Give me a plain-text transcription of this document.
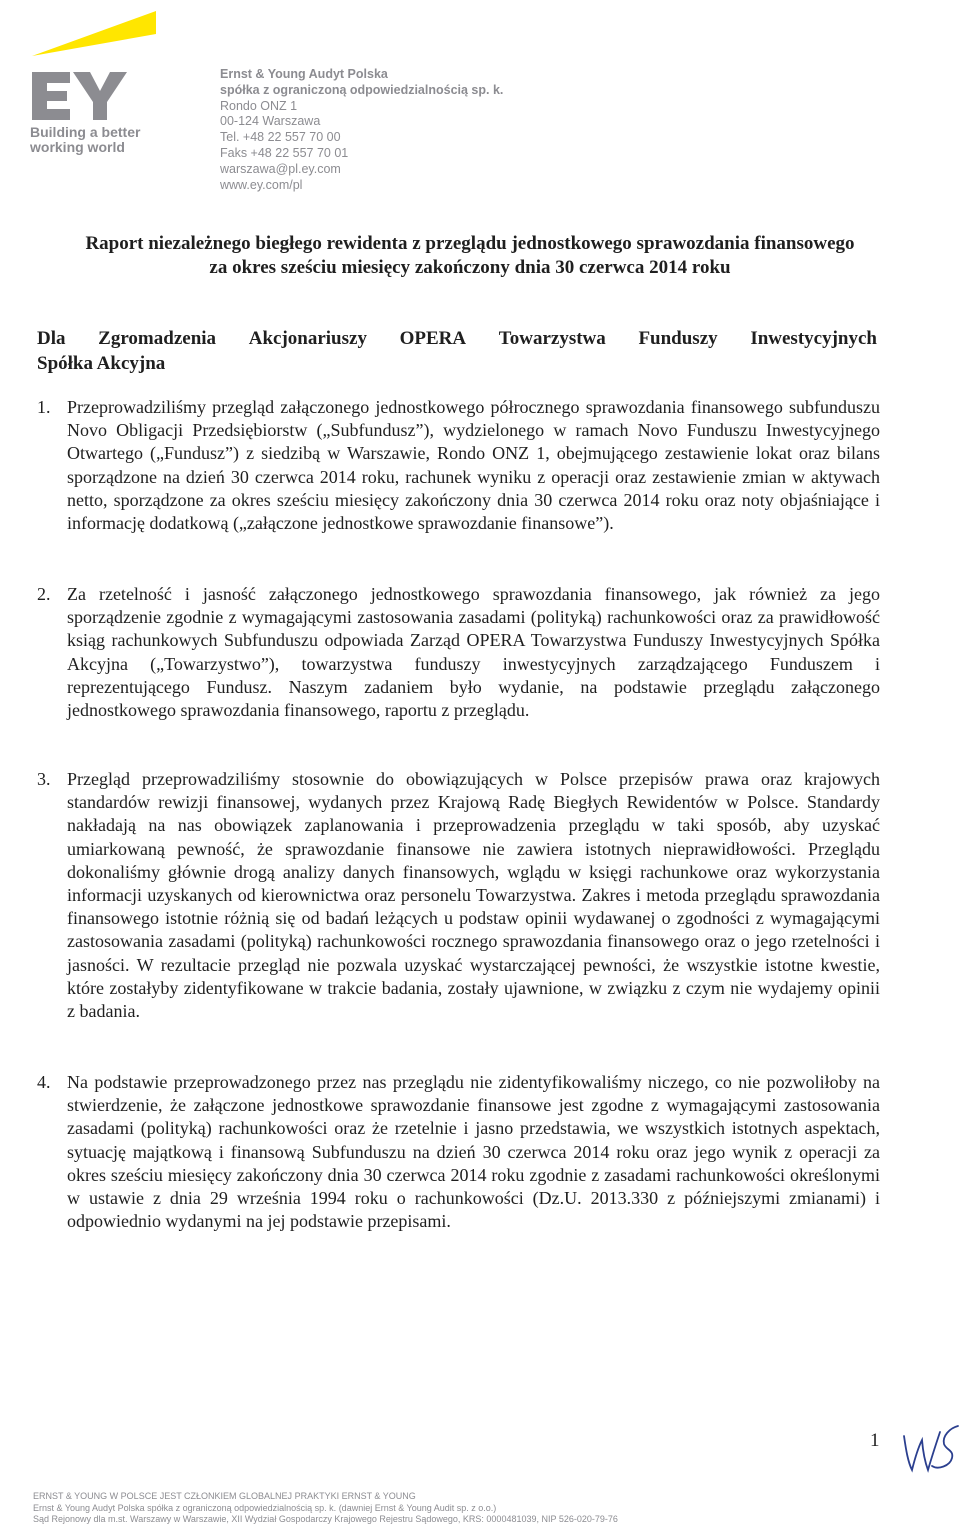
Building a better
working world
Ernst & Young Audyt Polska
spółka z ograniczoną odpowiedzialnością sp. k.
Rondo ONZ 1
00-124 Warszawa
Tel. +48 22 557 70 00
Faks +48 22 557 70 01
warszawa@pl.ey.com
www.ey.com/pl
Raport niezależnego biegłego rewidenta z przeglądu jednostkowego sprawozdania finansowego
za okres sześciu miesięcy zakończony dnia 30 czerwca 2014 roku
Dla Zgromadzenia Akcjonariuszy OPERA Towarzystwa Funduszy Inwestycyjnych
Spółka Akcyjna
1. Przeprowadziliśmy przegląd załączonego jednostkowego półrocznego sprawozdania finansowego subfunduszu Novo Obligacji Przedsiębiorstw („Subfundusz”), wydzielonego w ramach Novo Funduszu Inwestycyjnego Otwartego („Fundusz”) z siedzibą w Warszawie, Rondo ONZ 1, obejmującego zestawienie lokat oraz bilans sporządzone na dzień 30 czerwca 2014 roku, rachunek wyniku z operacji oraz zestawienie zmian w aktywach netto, sporządzone za okres sześciu miesięcy zakończony dnia 30 czerwca 2014 roku oraz noty objaśniające i informację dodatkową („załączone jednostkowe sprawozdanie finansowe”).
2. Za rzetelność i jasność załączonego jednostkowego sprawozdania finansowego, jak również za jego sporządzenie zgodnie z wymagającymi zastosowania zasadami (polityką) rachunkowości oraz za prawidłowość ksiąg rachunkowych Subfunduszu odpowiada Zarząd OPERA Towarzystwa Funduszy Inwestycyjnych Spółka Akcyjna („Towarzystwo”), towarzystwa funduszy inwestycyjnych zarządzającego Funduszem i reprezentującego Fundusz. Naszym zadaniem było wydanie, na podstawie przeglądu załączonego jednostkowego sprawozdania finansowego, raportu z przeglądu.
3. Przegląd przeprowadziliśmy stosownie do obowiązujących w Polsce przepisów prawa oraz krajowych standardów rewizji finansowej, wydanych przez Krajową Radę Biegłych Rewidentów w Polsce. Standardy nakładają na nas obowiązek zaplanowania i przeprowadzenia przeglądu w taki sposób, aby uzyskać umiarkowaną pewność, że sprawozdanie finansowe nie zawiera istotnych nieprawidłowości. Przeglądu dokonaliśmy głównie drogą analizy danych finansowych, wglądu w księgi rachunkowe oraz wykorzystania informacji uzyskanych od kierownictwa oraz personelu Towarzystwa. Zakres i metoda przeglądu sprawozdania finansowego istotnie różnią się od badań leżących u podstaw opinii wydawanej o zgodności z wymagającymi zastosowania zasadami (polityką) rachunkowości rocznego sprawozdania finansowego oraz o jego rzetelności i jasności. W rezultacie przegląd nie pozwala uzyskać wystarczającej pewności, że wszystkie istotne kwestie, które zostałyby zidentyfikowane w trakcie badania, zostały ujawnione, w związku z czym nie wydajemy opinii z badania.
4. Na podstawie przeprowadzonego przez nas przeglądu nie zidentyfikowaliśmy niczego, co nie pozwoliłoby na stwierdzenie, że załączone jednostkowe sprawozdanie finansowe jest zgodne z wymagającymi zastosowania zasadami (polityką) rachunkowości oraz że rzetelnie i jasno przedstawia, we wszystkich istotnych aspektach, sytuację majątkową i finansową Subfunduszu na dzień 30 czerwca 2014 roku oraz jego wynik z operacji za okres sześciu miesięcy zakończony dnia 30 czerwca 2014 roku zgodnie z zasadami rachunkowości określonymi w ustawie z dnia 29 września 1994 roku o rachunkowości (Dz.U. 2013.330 z późniejszymi zmianami) i odpowiednio wydanymi na jej podstawie przepisami.
1
ERNST & YOUNG W POLSCE JEST CZŁONKIEM GLOBALNEJ PRAKTYKI ERNST & YOUNG
Ernst & Young Audyt Polska spółka z ograniczoną odpowiedzialnością sp. k. (dawniej Ernst & Young Audit sp. z o.o.)
Sąd Rejonowy dla m.st. Warszawy w Warszawie, XII Wydział Gospodarczy Krajowego Rejestru Sądowego, KRS: 0000481039, NIP 526-020-79-76
